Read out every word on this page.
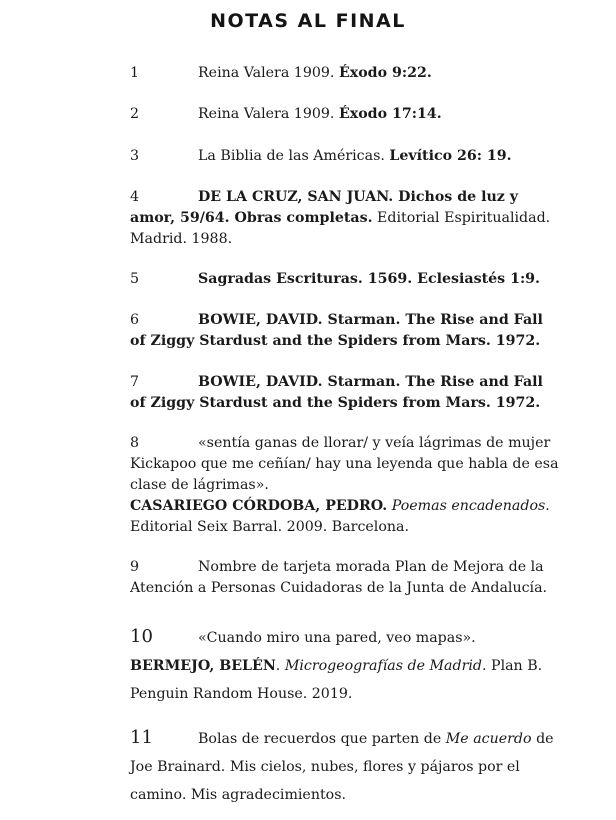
NOTAS AL FINAL
1	Reina Valera 1909. Éxodo 9:22.
2	Reina Valera 1909. Éxodo 17:14.
3	La Biblia de las Américas. Levítico 26: 19.
4	DE LA CRUZ, SAN JUAN. Dichos de luz y amor, 59/64. Obras completas. Editorial Espiritualidad. Madrid. 1988.
5	Sagradas Escrituras. 1569. Eclesiastés 1:9.
6	BOWIE, DAVID. Starman. The Rise and Fall of Ziggy Stardust and the Spiders from Mars. 1972.
7	BOWIE, DAVID. Starman. The Rise and Fall of Ziggy Stardust and the Spiders from Mars. 1972.
8	«sentía ganas de llorar/ y veía lágrimas de mujer Kickapoo que me ceñían/ hay una leyenda que habla de esa clase de lágrimas».
CASARIEGO CÓRDOBA, PEDRO. Poemas encadenados. Editorial Seix Barral. 2009. Barcelona.
9	Nombre de tarjeta morada Plan de Mejora de la Atención a Personas Cuidadoras de la Junta de Andalucía.
10	«Cuando miro una pared, veo mapas».
BERMEJO, BELÉN. Microgeografías de Madrid. Plan B. Penguin Random House. 2019.
11	Bolas de recuerdos que parten de Me acuerdo de Joe Brainard. Mis cielos, nubes, flores y pájaros por el camino. Mis agradecimientos.
